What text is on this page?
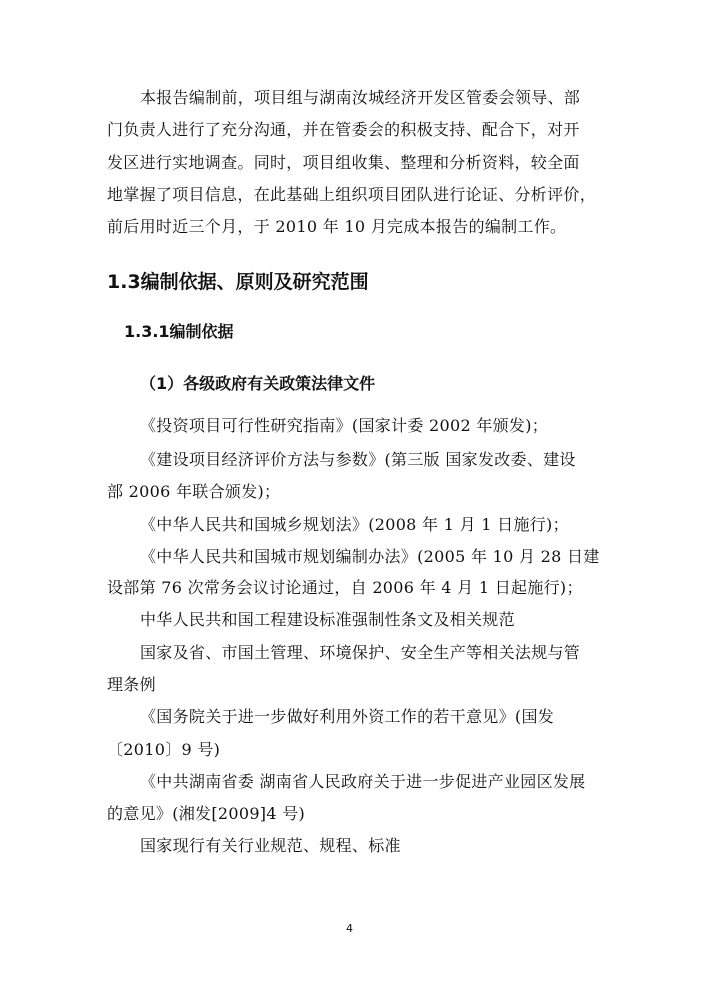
本报告编制前，项目组与湖南汝城经济开发区管委会领导、部
门负责人进行了充分沟通，并在管委会的积极支持、配合下，对开
发区进行实地调查。同时，项目组收集、整理和分析资料，较全面
地掌握了项目信息，在此基础上组织项目团队进行论证、分析评价，
前后用时近三个月，于 2010 年 10 月完成本报告的编制工作。
1.3编制依据、原则及研究范围
1.3.1编制依据
（1）各级政府有关政策法律文件
《投资项目可行性研究指南》(国家计委 2002 年颁发)；
《建设项目经济评价方法与参数》(第三版 国家发改委、建设
部 2006 年联合颁发)；
《中华人民共和国城乡规划法》(2008 年 1 月 1 日施行)；
《中华人民共和国城市规划编制办法》(2005 年 10 月 28 日建
设部第 76 次常务会议讨论通过，自 2006 年 4 月 1 日起施行)；
中华人民共和国工程建设标准强制性条文及相关规范
国家及省、市国土管理、环境保护、安全生产等相关法规与管
理条例
《国务院关于进一步做好利用外资工作的若干意见》(国发
〔2010〕9 号)
《中共湖南省委 湖南省人民政府关于进一步促进产业园区发展
的意见》(湘发[2009]4 号)
国家现行有关行业规范、规程、标准
4
